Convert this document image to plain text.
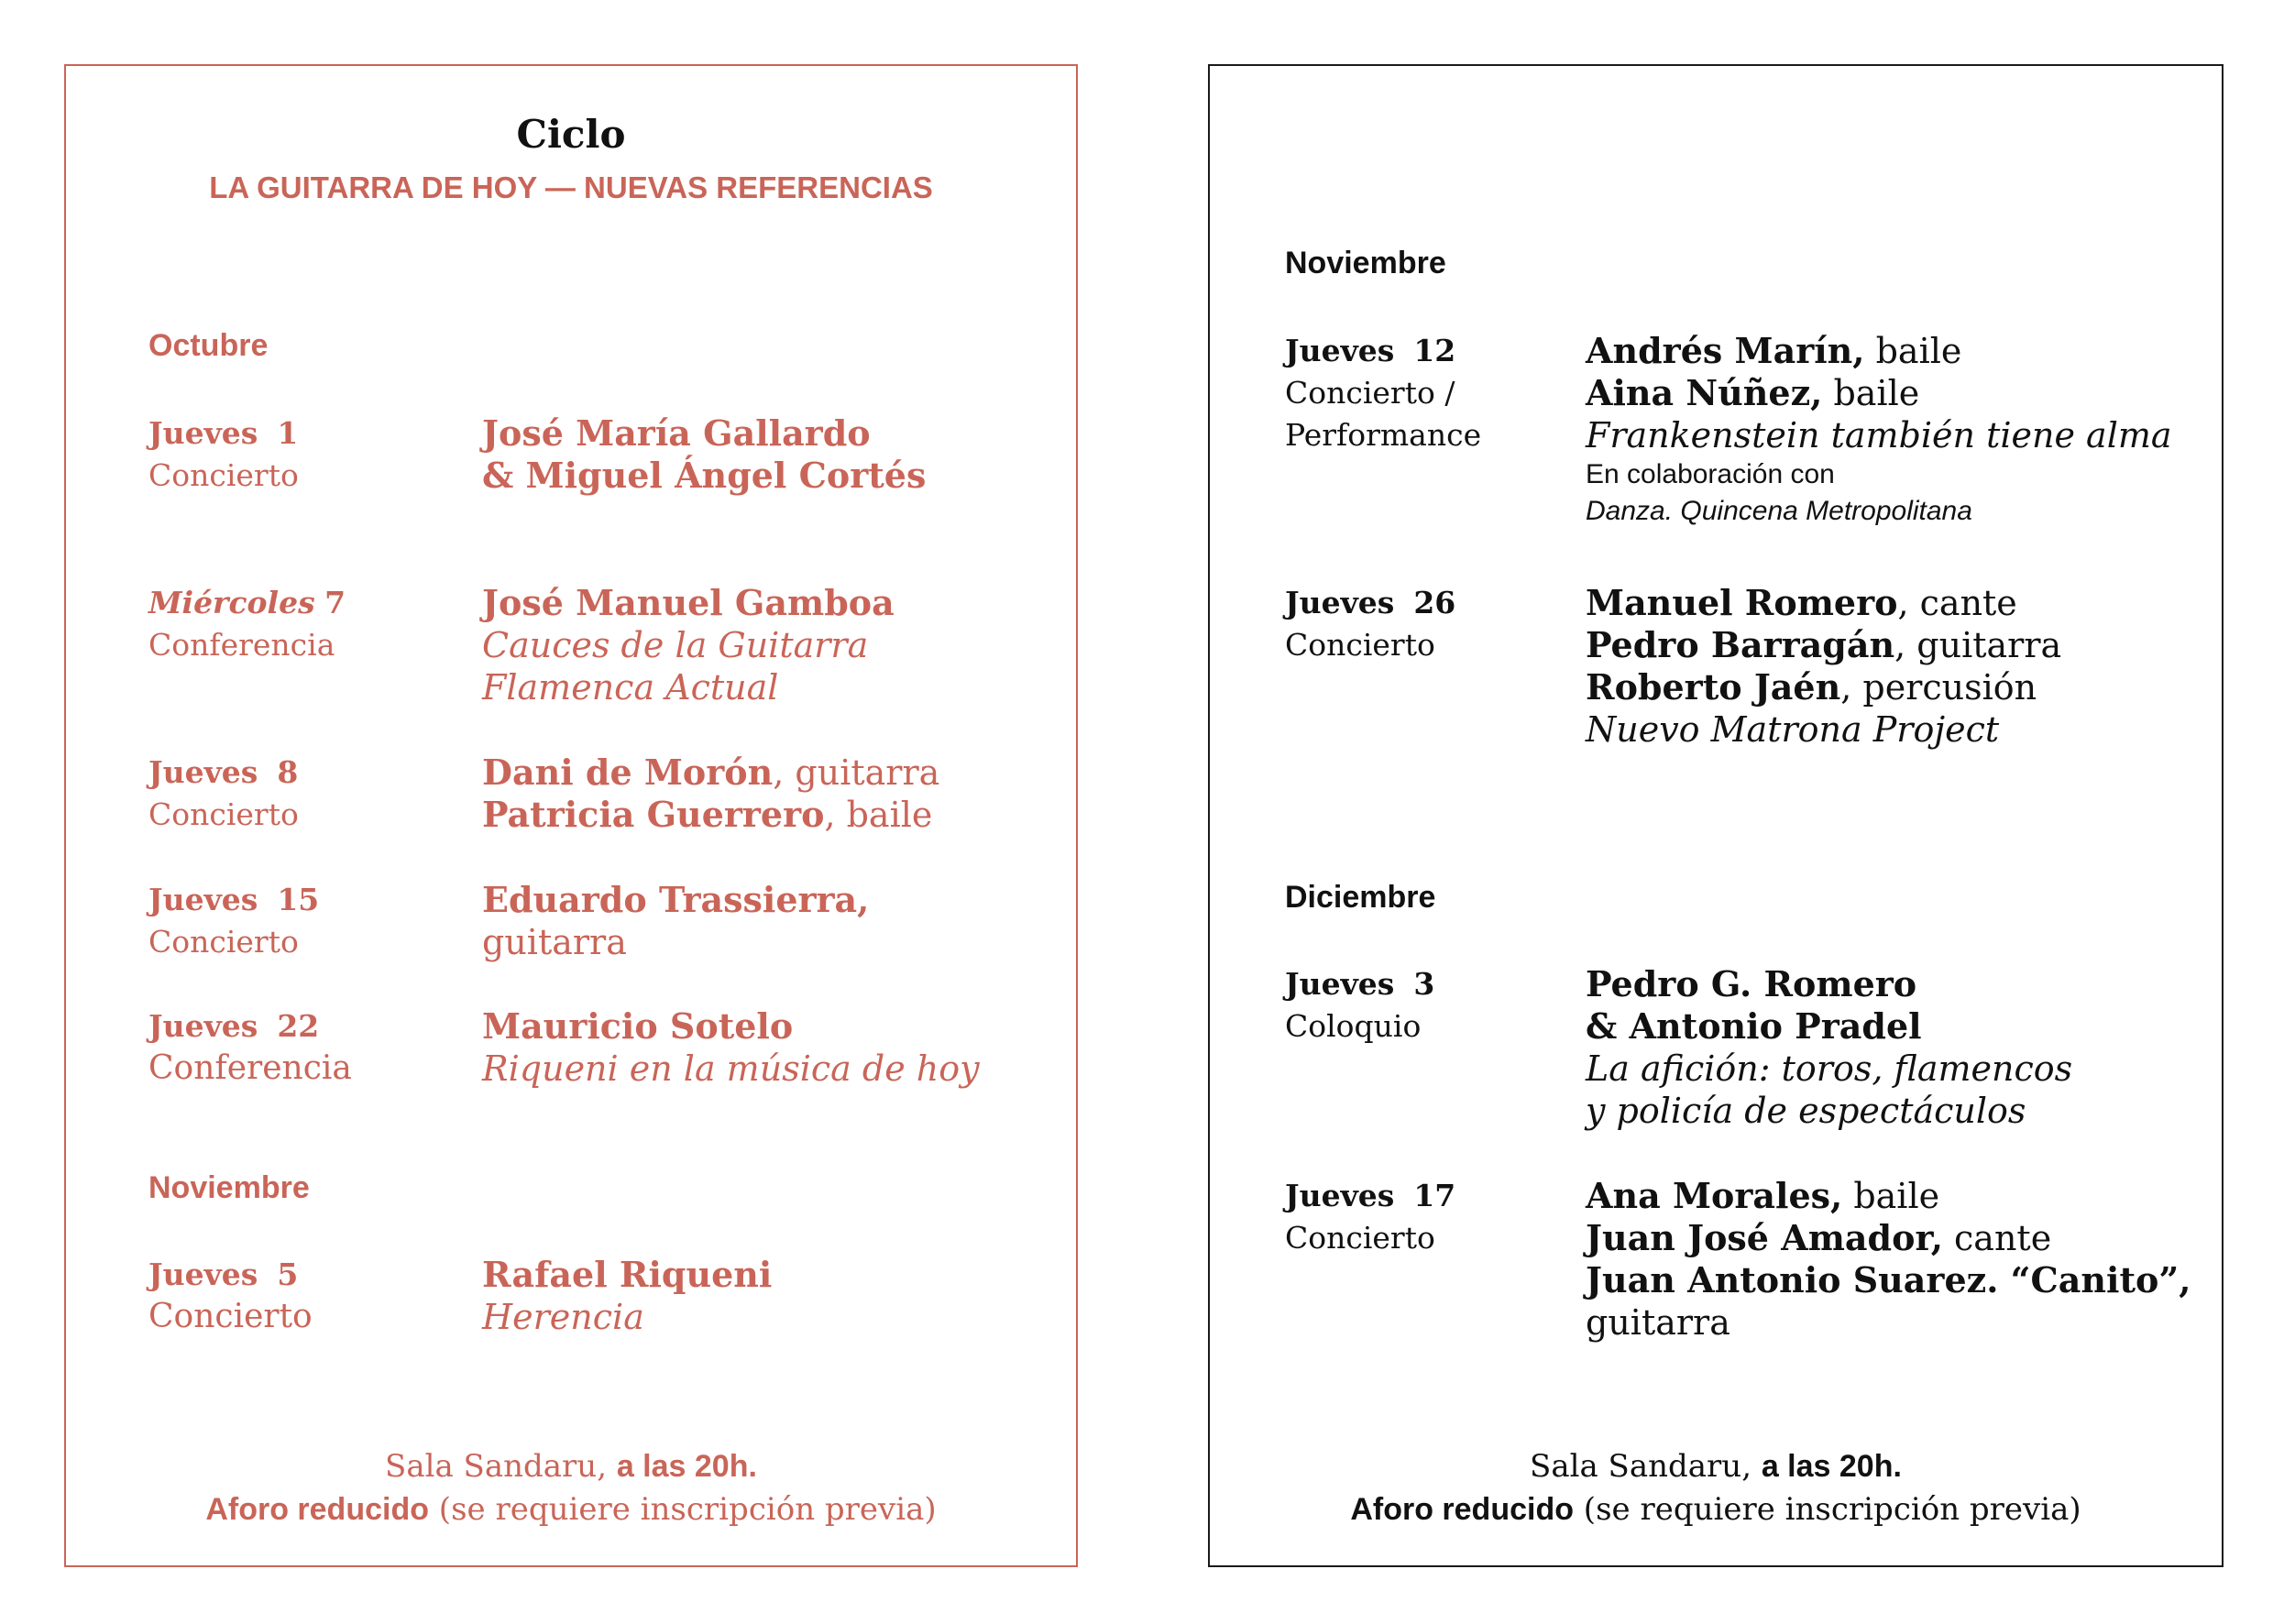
Ciclo
LA GUITARRA DE HOY — NUEVAS REFERENCIAS
Octubre
Jueves 1
Concierto
José María Gallardo
& Miguel Ángel Cortés
Miércoles 7
Conferencia
José Manuel Gamboa
Cauces de la Guitarra
Flamenca Actual
Jueves 8
Concierto
Dani de Morón, guitarra
Patricia Guerrero, baile
Jueves 15
Concierto
Eduardo Trassierra,
guitarra
Jueves 22
Conferencia
Mauricio Sotelo
Riqueni en la música de hoy
Noviembre
Jueves 5
Concierto
Rafael Riqueni
Herencia
Sala Sandaru, a las 20h.
Aforo reducido (se requiere inscripción previa)
Noviembre
Jueves 12
Concierto /
Performance
Andrés Marín, baile
Aina Núñez, baile
Frankenstein también tiene alma
En colaboración con
Danza. Quincena Metropolitana
Jueves 26
Concierto
Manuel Romero, cante
Pedro Barragán, guitarra
Roberto Jaén, percusión
Nuevo Matrona Project
Diciembre
Jueves 3
Coloquio
Pedro G. Romero
& Antonio Pradel
La afición: toros, flamencos
y policía de espectáculos
Jueves 17
Concierto
Ana Morales, baile
Juan José Amador, cante
Juan Antonio Suarez. “Canito”,
guitarra
Sala Sandaru, a las 20h.
Aforo reducido (se requiere inscripción previa)
